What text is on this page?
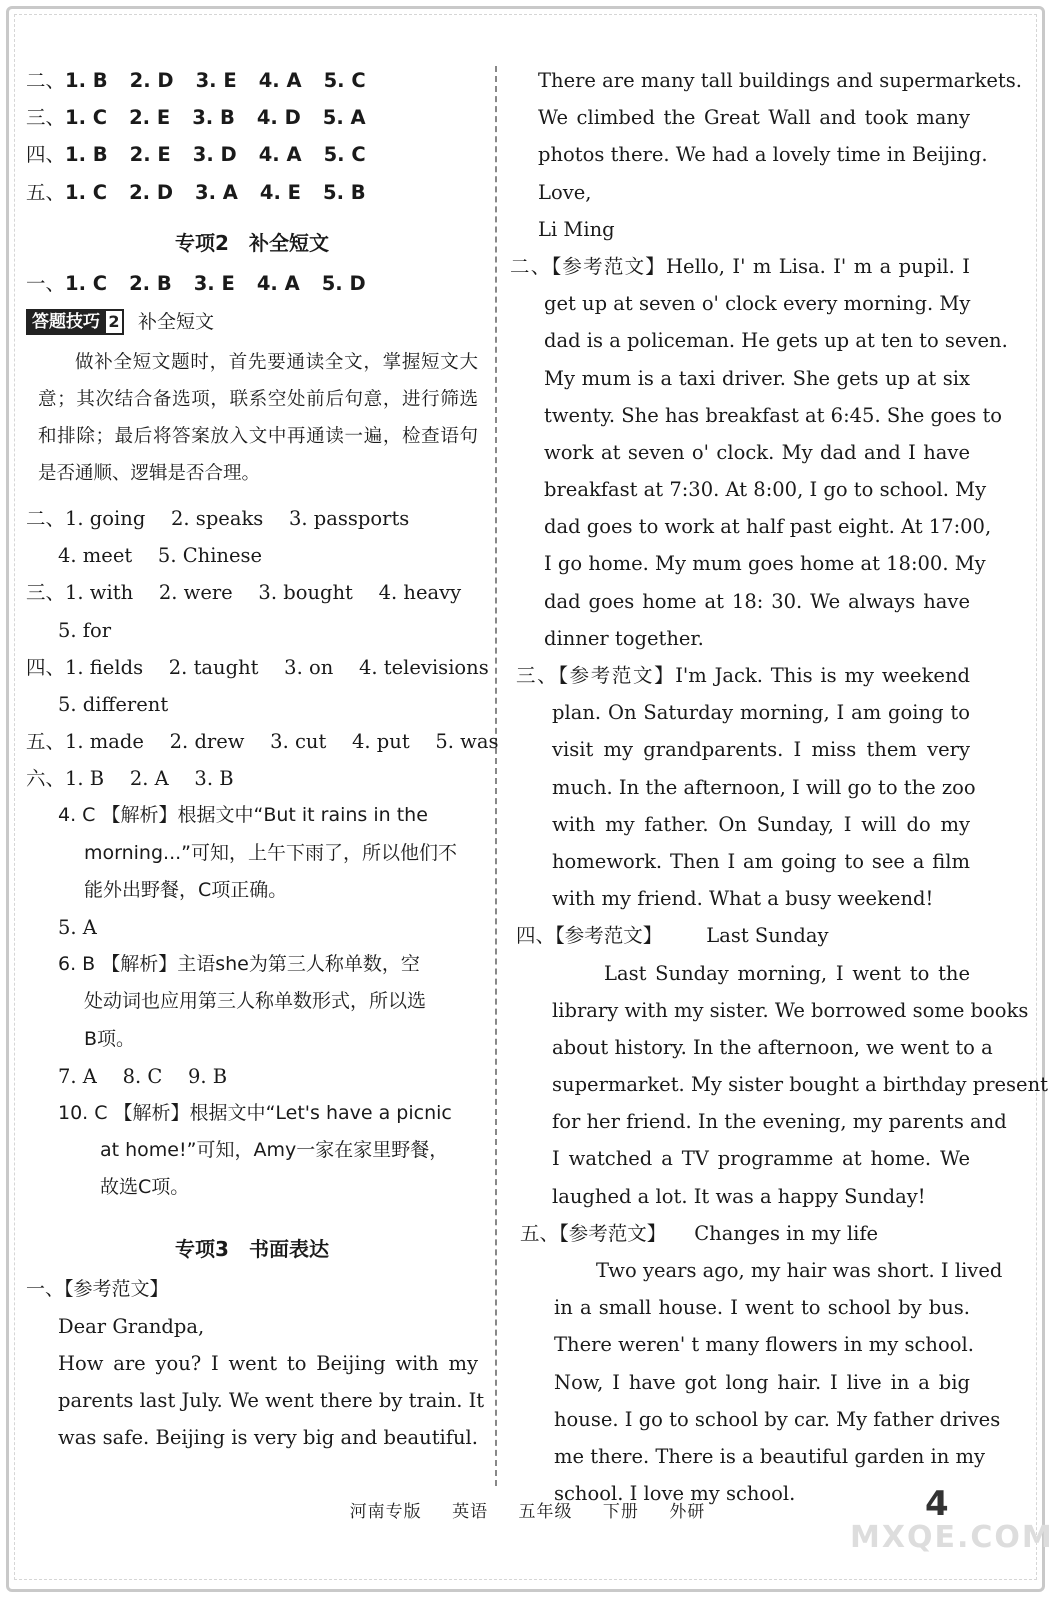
二、1. B 2. D 3. E 4. A 5. C
三、1. C 2. E 3. B 4. D 5. A
四、1. B 2. E 3. D 4. A 5. C
五、1. C 2. D 3. A 4. E 5. B
专项2　补全短文
一、1. C 2. B 3. E 4. A 5. D
答题技巧 2 补全短文
做补全短文题时，首先要通读全文，掌握短文大意；其次结合备选项，联系空处前后句意，进行筛选和排除；最后将答案放入文中再通读一遍，检查语句是否通顺、逻辑是否合理。
二、1. going　 2. speaks　 3. passports
4. meet　 5. Chinese
三、1. with　 2. were　 3. bought　 4. heavy
5. for
四、1. fields　 2. taught　 3. on　 4. televisions
5. different
五、1. made　 2. drew　 3. cut　 4. put　 5. was
六、1. B　 2. A　 3. B
4. C 【解析】根据文中“But it rains in the
morning...”可知，上午下雨了，所以他们不
能外出野餐，C项正确。
5. A
6. B 【解析】主语she为第三人称单数，空
处动词也应用第三人称单数形式，所以选
B项。
7. A　 8. C　 9. B
10. C 【解析】根据文中“Let's have a picnic
at home!”可知，Amy一家在家里野餐，
故选C项。
专项3　书面表达
一、【参考范文】
Dear Grandpa,
How are you? I went to Beijing with my
parents last July. We went there by train. It
was safe. Beijing is very big and beautiful.
There are many tall buildings and supermarkets.
We climbed the Great Wall and took many
photos there. We had a lovely time in Beijing.
Love,
Li Ming
二、【参考范文】Hello, I' m Lisa. I' m a pupil. I
get up at seven o' clock every morning. My
dad is a policeman. He gets up at ten to seven.
My mum is a taxi driver. She gets up at six
twenty. She has breakfast at 6:45. She goes to
work at seven o' clock. My dad and I have
breakfast at 7:30. At 8:00, I go to school. My
dad goes to work at half past eight. At 17:00,
I go home. My mum goes home at 18:00. My
dad goes home at 18: 30. We always have
dinner together.
三、【参考范文】I'm Jack. This is my weekend
plan. On Saturday morning, I am going to
visit my grandparents. I miss them very
much. In the afternoon, I will go to the zoo
with my father. On Sunday, I will do my
homework. Then I am going to see a film
with my friend. What a busy weekend!
四、【参考范文】 Last Sunday
Last Sunday morning, I went to the
library with my sister. We borrowed some books
about history. In the afternoon, we went to a
supermarket. My sister bought a birthday present
for her friend. In the evening, my parents and
I watched a TV programme at home. We
laughed a lot. It was a happy Sunday!
五、【参考范文】 Changes in my life
Two years ago, my hair was short. I lived
in a small house. I went to school by bus.
There weren' t many flowers in my school.
Now, I have got long hair. I live in a big
house. I go to school by car. My father drives
me there. There is a beautiful garden in my
school. I love my school.
河南专版 英语 五年级 下册 外研	4
MXQE.COM
